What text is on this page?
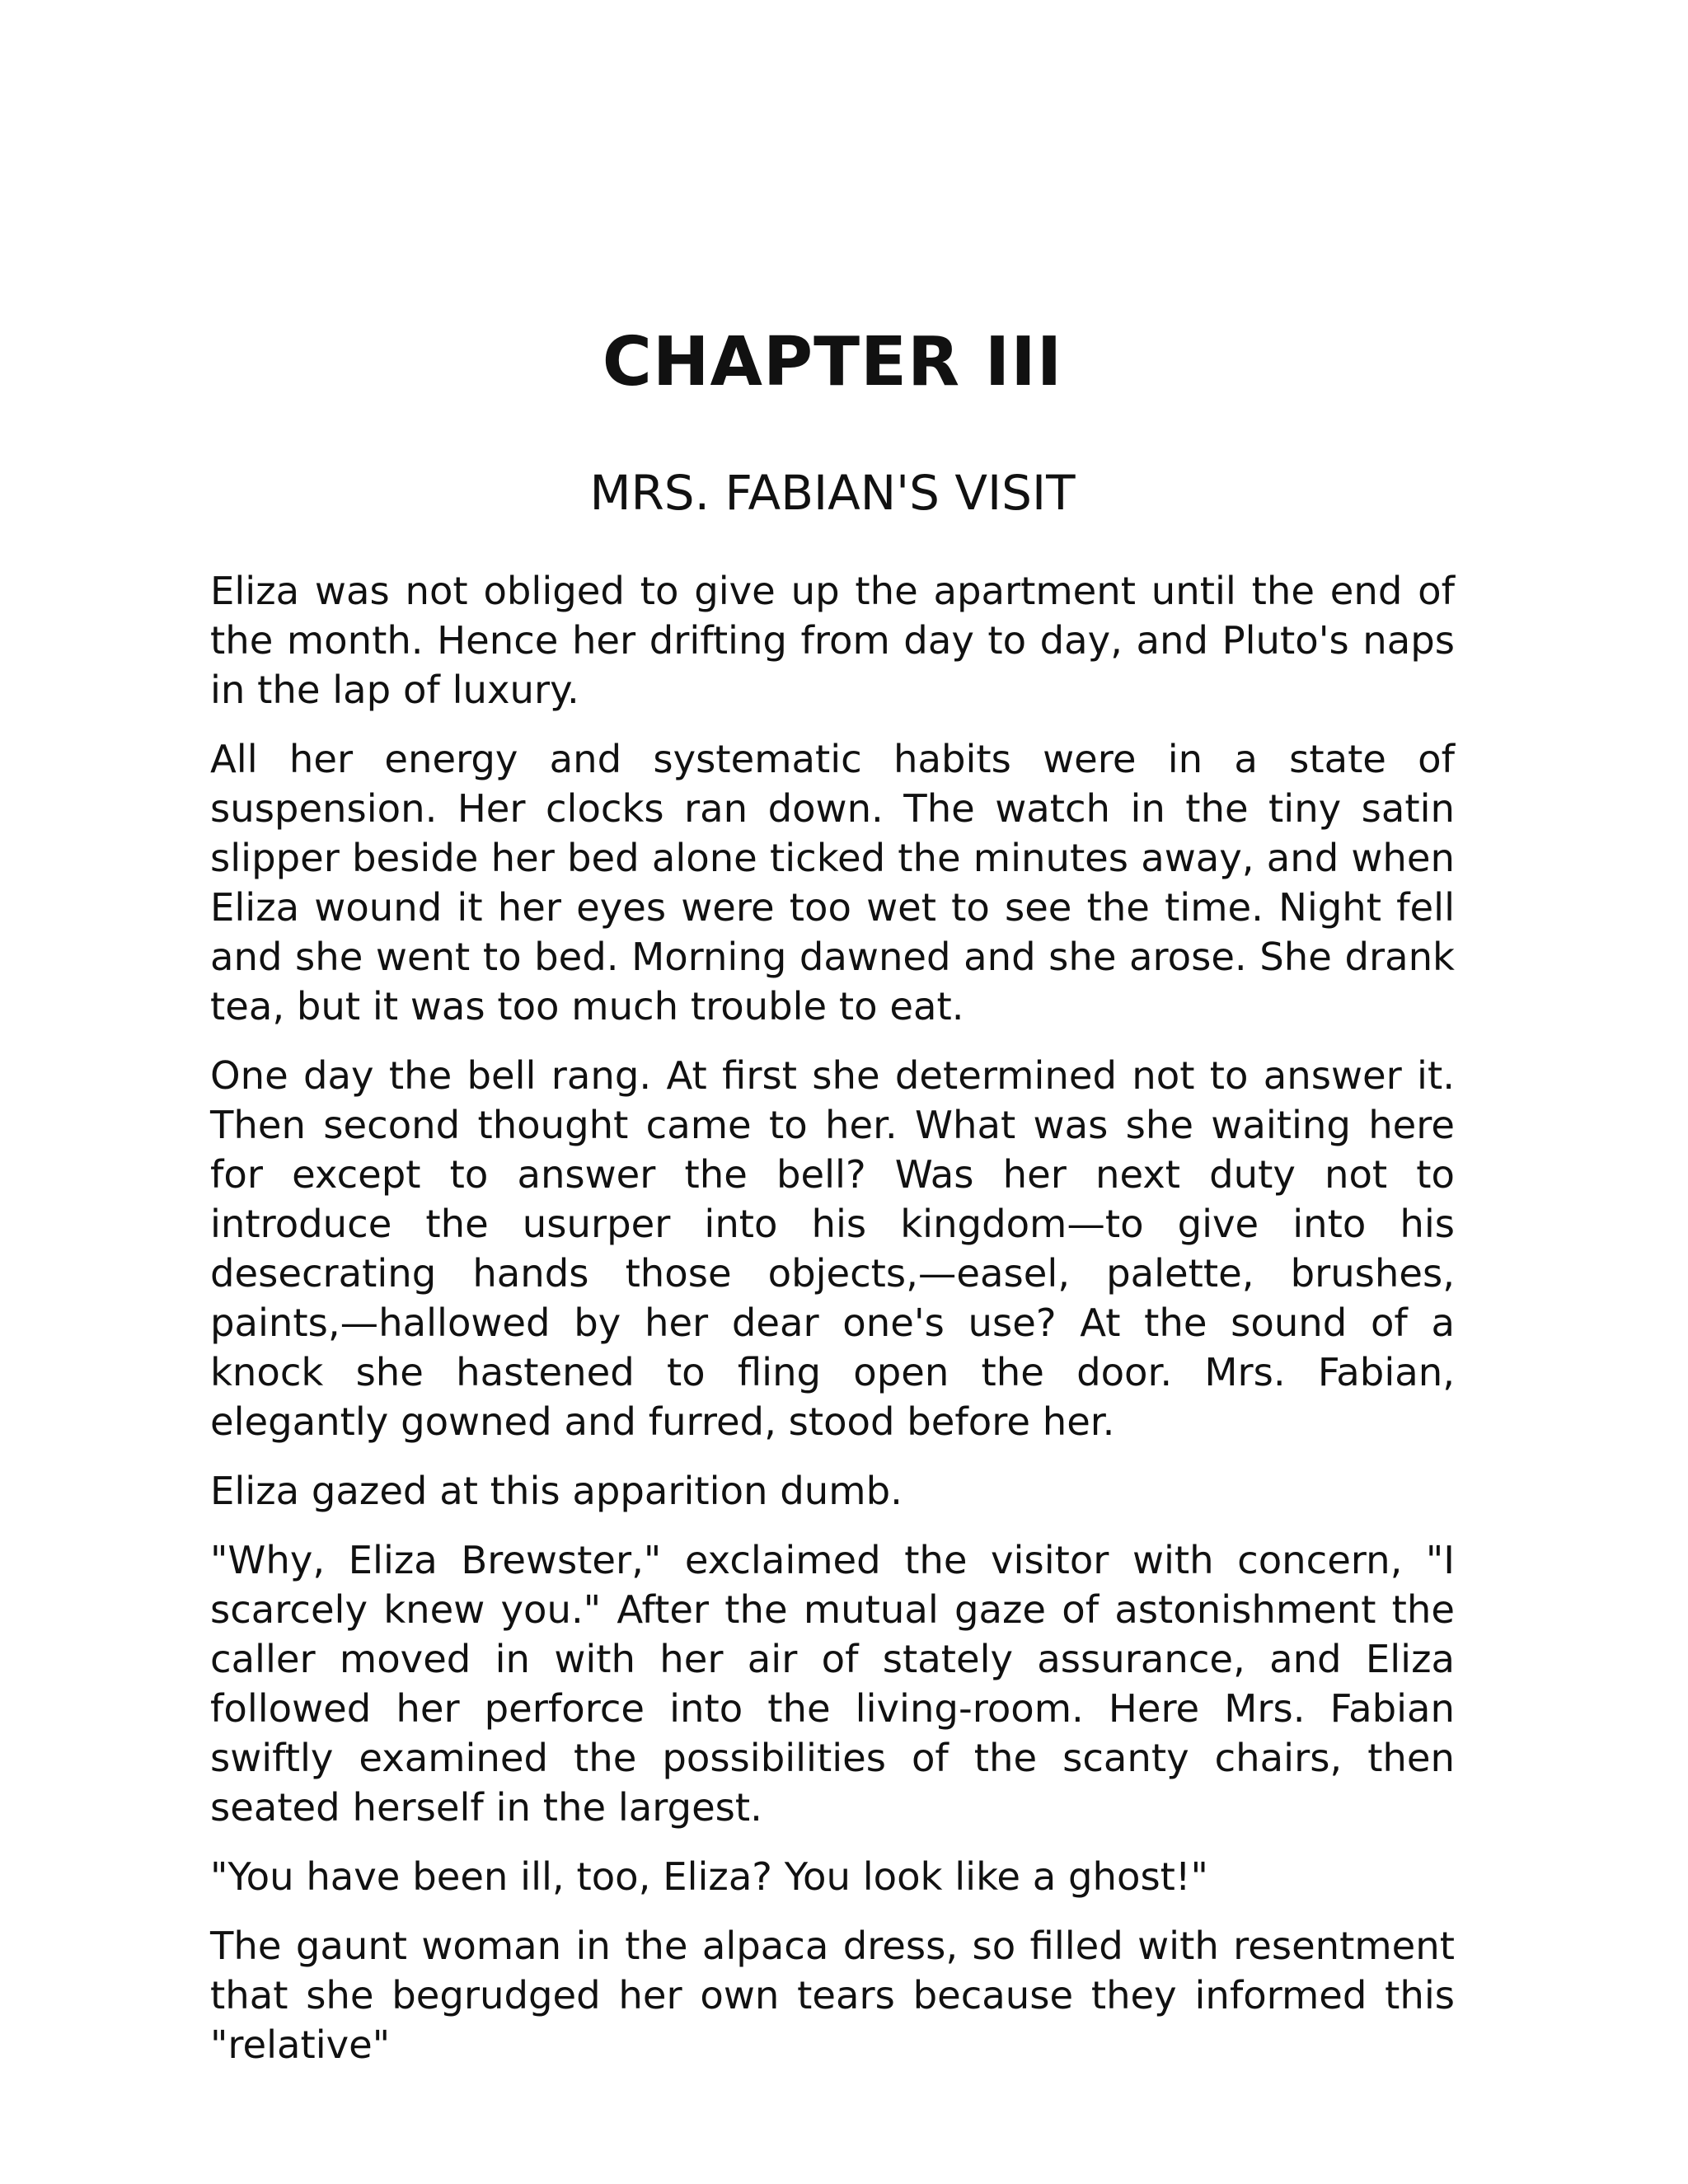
CHAPTER III
MRS. FABIAN'S VISIT

Eliza was not obliged to give up the apartment until the end of the month. Hence her drifting from day to day, and Pluto's naps in the lap of luxury.

All her energy and systematic habits were in a state of suspension. Her clocks ran down. The watch in the tiny satin slipper beside her bed alone ticked the minutes away, and when Eliza wound it her eyes were too wet to see the time. Night fell and she went to bed. Morning dawned and she arose. She drank tea, but it was too much trouble to eat.

One day the bell rang. At first she determined not to answer it. Then second thought came to her. What was she waiting here for except to answer the bell? Was her next duty not to introduce the usurper into his kingdom—to give into his desecrating hands those objects,—easel, palette, brushes, paints,—hallowed by her dear one's use? At the sound of a knock she hastened to fling open the door. Mrs. Fabian, elegantly gowned and furred, stood before her.

Eliza gazed at this apparition dumb.

"Why, Eliza Brewster," exclaimed the visitor with concern, "I scarcely knew you." After the mutual gaze of astonishment the caller moved in with her air of stately assurance, and Eliza followed her perforce into the living-room. Here Mrs. Fabian swiftly examined the possibilities of the scanty chairs, then seated herself in the largest.

"You have been ill, too, Eliza? You look like a ghost!"

The gaunt woman in the alpaca dress, so filled with resentment that she begrudged her own tears because they informed this "relative"
